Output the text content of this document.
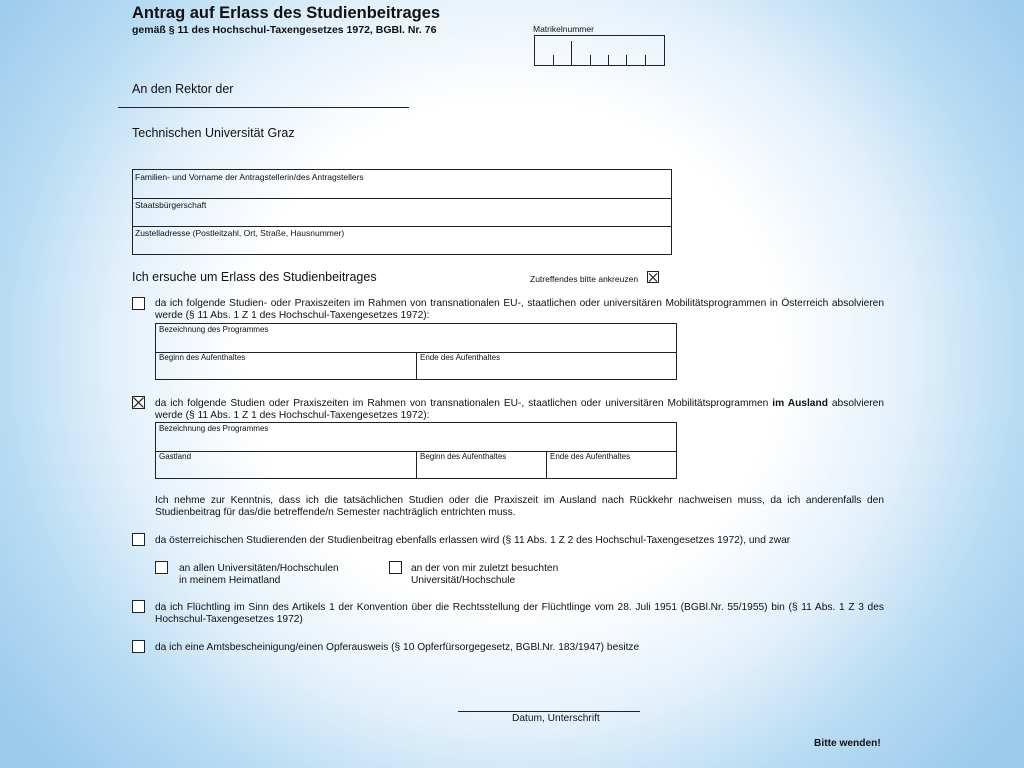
Antrag auf Erlass des Studienbeitrages
gemäß § 11 des Hochschul-Taxengesetzes 1972, BGBl. Nr. 76	Matrikelnummer
An den Rektor der
Technischen Universität Graz
Familien- und Vorname der Antragstellerin/des Antragstellers
Staatsbürgerschaft
Zustelladresse (Postleitzahl, Ort, Straße, Hausnummer)
Ich ersuche um Erlass des Studienbeitrages	Zutreffendes bitte ankreuzen
da ich folgende Studien- oder Praxiszeiten im Rahmen von transnationalen EU-, staatlichen oder universitären Mobilitätsprogrammen in Österreich absolvieren werde (§ 11 Abs. 1 Z 1 des Hochschul-Taxengesetzes 1972):
Bezeichnung des Programmes
Beginn des Aufenthaltes	Ende des Aufenthaltes
da ich folgende Studien oder Praxiszeiten im Rahmen von transnationalen EU-, staatlichen oder universitären Mobilitätsprogrammen im Ausland absolvieren werde (§ 11 Abs. 1 Z 1 des Hochschul-Taxengesetzes 1972):
Bezeichnung des Programmes
Gastland	Beginn des Aufenthaltes	Ende des Aufenthaltes
Ich nehme zur Kenntnis, dass ich die tatsächlichen Studien oder die Praxiszeit im Ausland nach Rückkehr nachweisen muss, da ich anderenfalls den Studienbeitrag für das/die betreffende/n Semester nachträglich entrichten muss.
da österreichischen Studierenden der Studienbeitrag ebenfalls erlassen wird (§ 11 Abs. 1 Z 2 des Hochschul-Taxengesetzes 1972), und zwar
an allen Universitäten/Hochschulen
in meinem Heimatland
an der von mir zuletzt besuchten
Universität/Hochschule
da ich Flüchtling im Sinn des Artikels 1 der Konvention über die Rechtsstellung der Flüchtlinge vom 28. Juli 1951 (BGBl.Nr. 55/1955) bin (§ 11 Abs. 1 Z 3 des Hochschul-Taxengesetzes 1972)
da ich eine Amtsbescheinigung/einen Opferausweis (§ 10 Opferfürsorgegesetz, BGBl.Nr. 183/1947) besitze
Datum, Unterschrift
Bitte wenden!
